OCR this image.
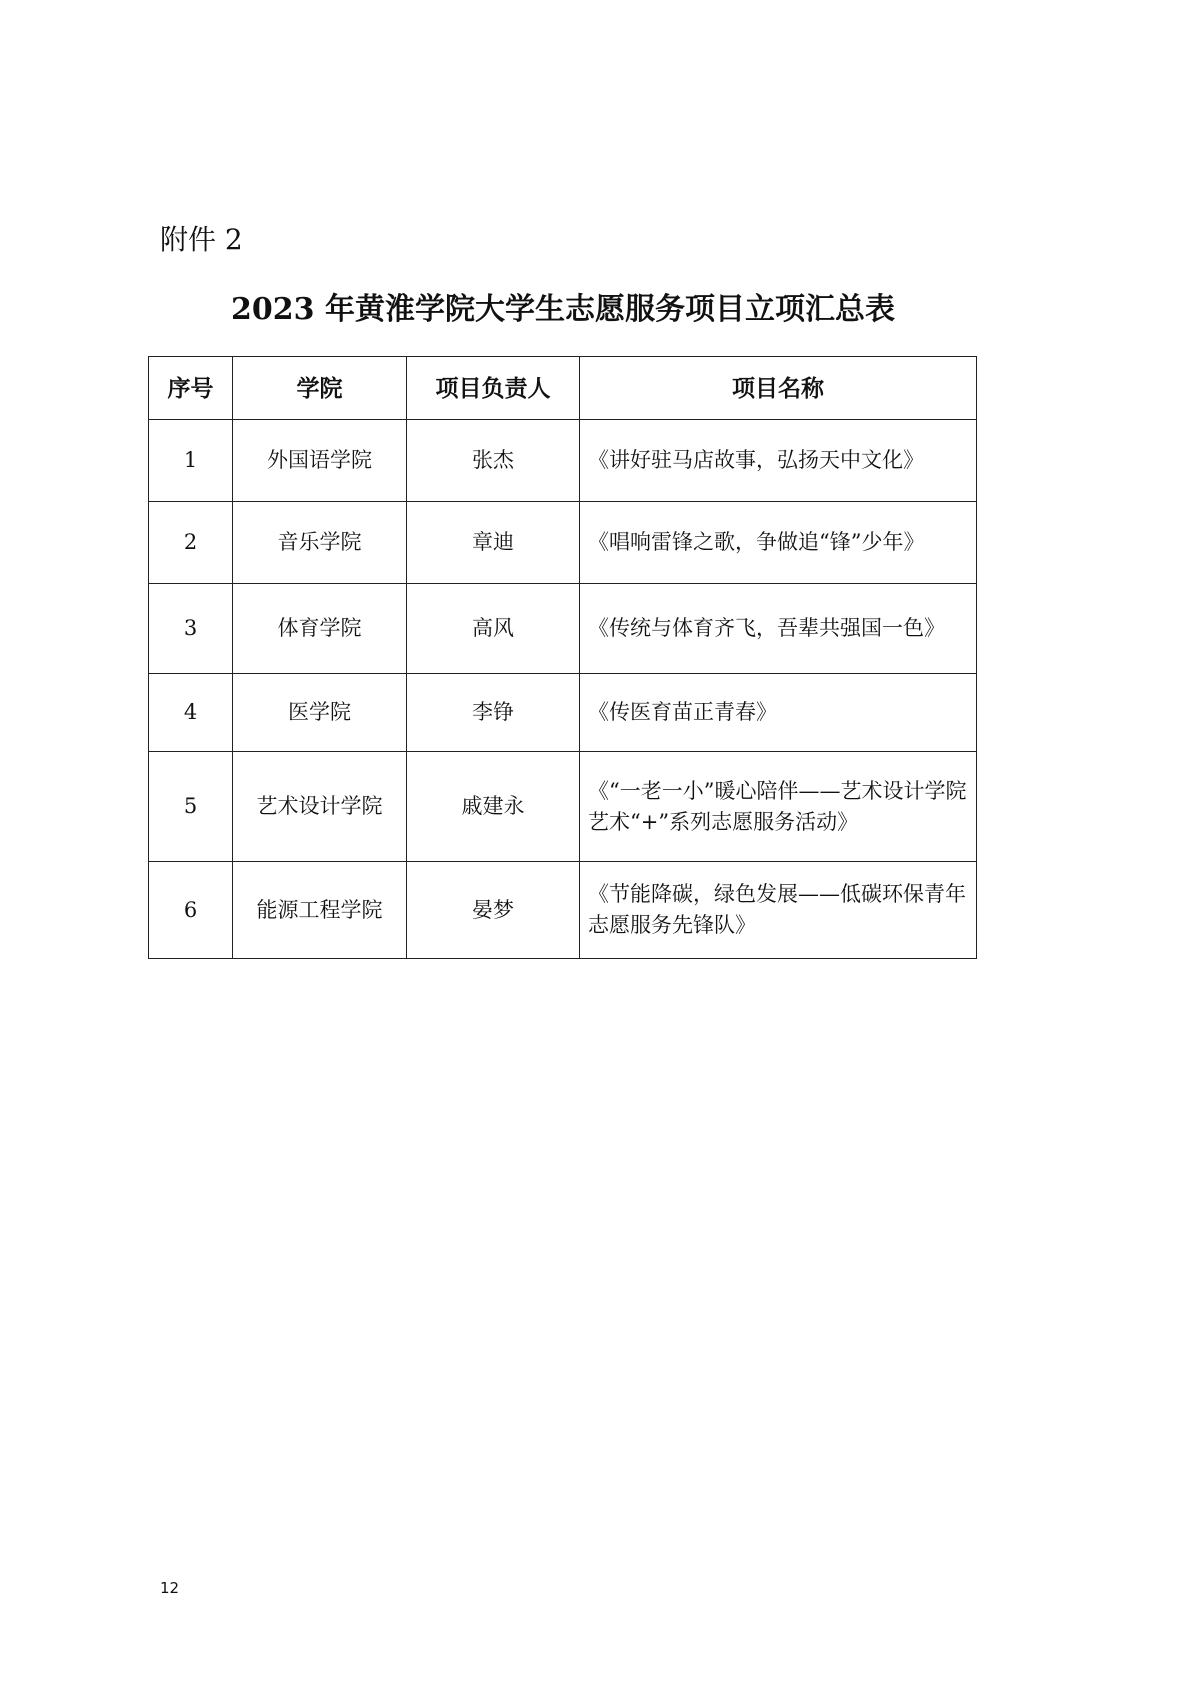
附件 2
2023 年黄淮学院大学生志愿服务项目立项汇总表
序号	学院	项目负责人	项目名称
1	外国语学院	张杰	《讲好驻马店故事，弘扬天中文化》
2	音乐学院	章迪	《唱响雷锋之歌，争做追“锋”少年》
3	体育学院	高风	《传统与体育齐飞，吾辈共强国一色》
4	医学院	李铮	《传医育苗正青春》
5	艺术设计学院	戚建永	《“一老一小”暖心陪伴——艺术设计学院艺术“+”系列志愿服务活动》
6	能源工程学院	晏梦	《节能降碳，绿色发展——低碳环保青年志愿服务先锋队》
12
